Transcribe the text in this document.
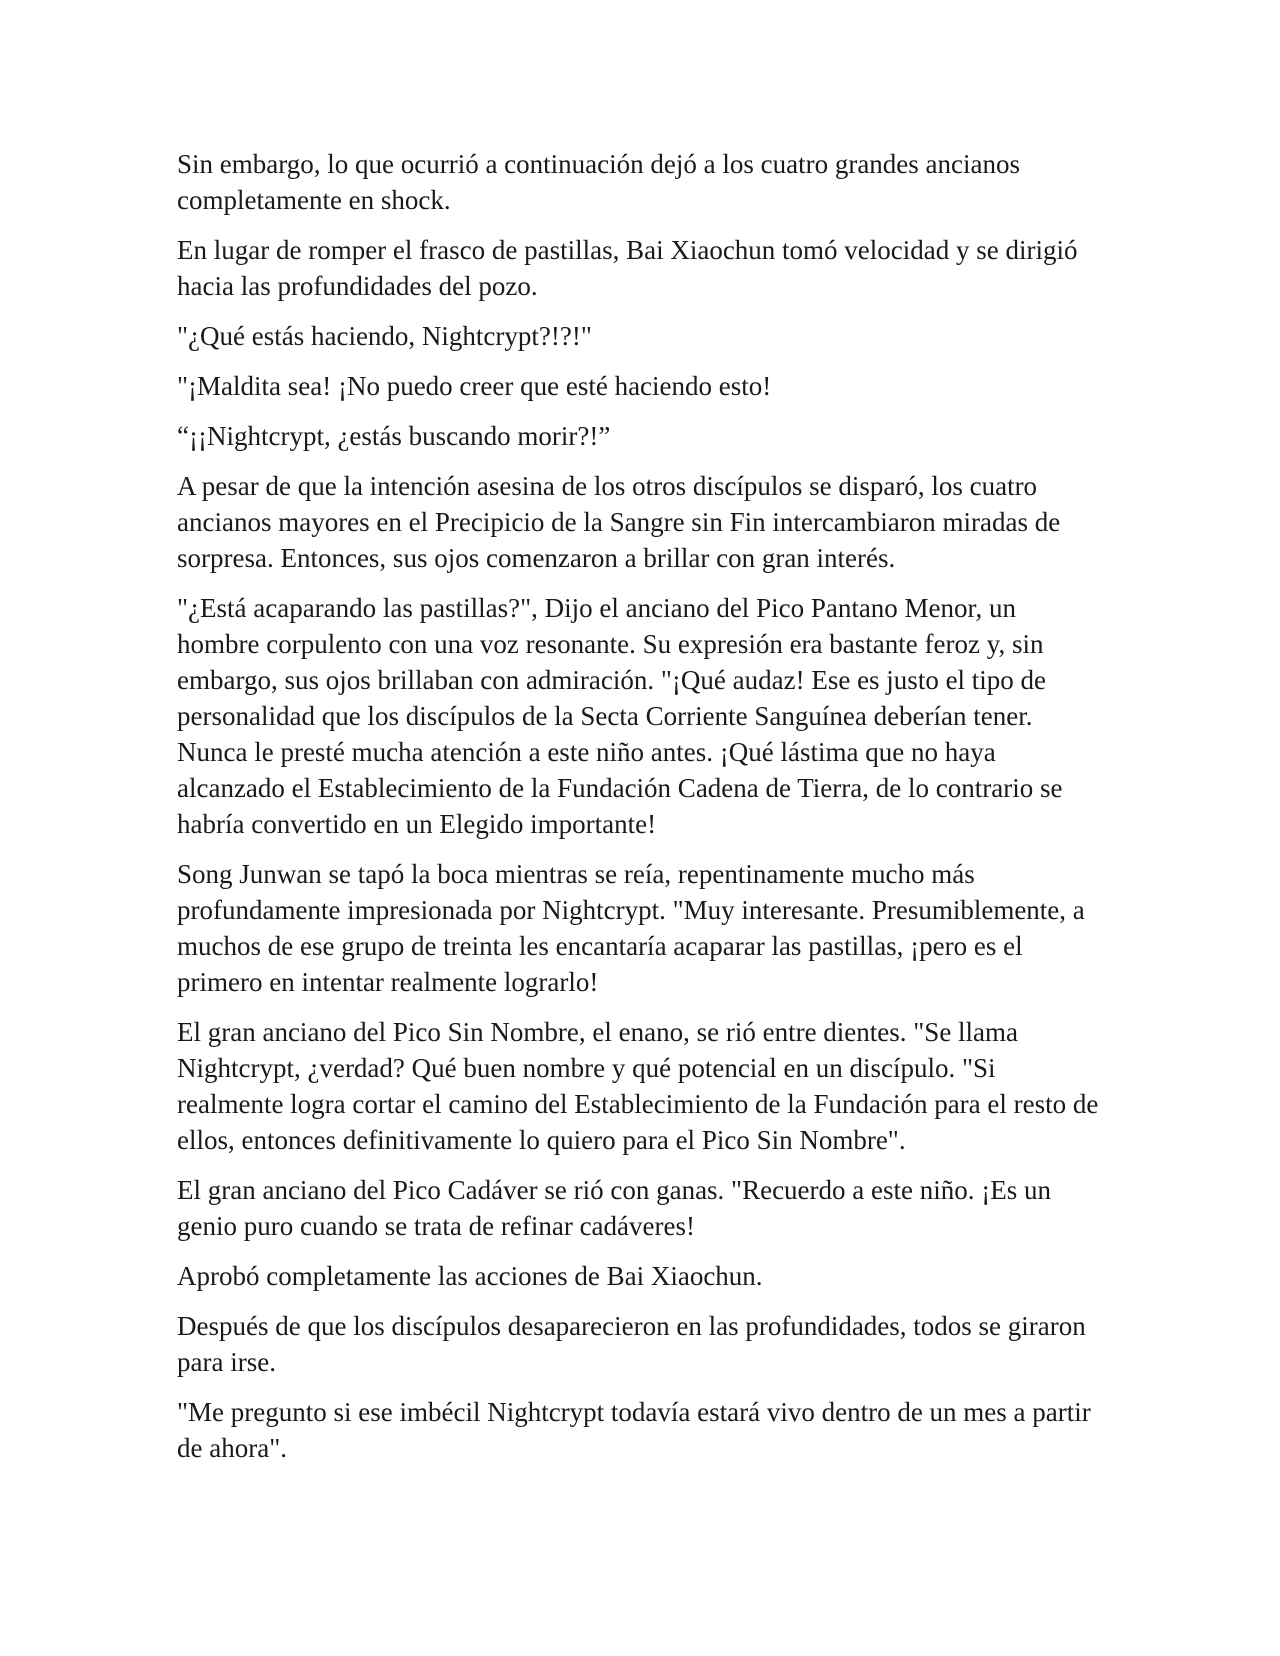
Sin embargo, lo que ocurrió a continuación dejó a los cuatro grandes ancianos completamente en shock.

En lugar de romper el frasco de pastillas, Bai Xiaochun tomó velocidad y se dirigió hacia las profundidades del pozo.

"¿Qué estás haciendo, Nightcrypt?!?!"

"¡Maldita sea! ¡No puedo creer que esté haciendo esto!

“¡¡Nightcrypt, ¿estás buscando morir?!”

A pesar de que la intención asesina de los otros discípulos se disparó, los cuatro ancianos mayores en el Precipicio de la Sangre sin Fin intercambiaron miradas de sorpresa. Entonces, sus ojos comenzaron a brillar con gran interés.

"¿Está acaparando las pastillas?", Dijo el anciano del Pico Pantano Menor, un hombre corpulento con una voz resonante. Su expresión era bastante feroz y, sin embargo, sus ojos brillaban con admiración. "¡Qué audaz! Ese es justo el tipo de personalidad que los discípulos de la Secta Corriente Sanguínea deberían tener. Nunca le presté mucha atención a este niño antes. ¡Qué lástima que no haya alcanzado el Establecimiento de la Fundación Cadena de Tierra, de lo contrario se habría convertido en un Elegido importante!

Song Junwan se tapó la boca mientras se reía, repentinamente mucho más profundamente impresionada por Nightcrypt. "Muy interesante. Presumiblemente, a muchos de ese grupo de treinta les encantaría acaparar las pastillas, ¡pero es el primero en intentar realmente lograrlo!

El gran anciano del Pico Sin Nombre, el enano, se rió entre dientes. "Se llama Nightcrypt, ¿verdad? Qué buen nombre y qué potencial en un discípulo. "Si realmente logra cortar el camino del Establecimiento de la Fundación para el resto de ellos, entonces definitivamente lo quiero para el Pico Sin Nombre".

El gran anciano del Pico Cadáver se rió con ganas. "Recuerdo a este niño. ¡Es un genio puro cuando se trata de refinar cadáveres!

Aprobó completamente las acciones de Bai Xiaochun.

Después de que los discípulos desaparecieron en las profundidades, todos se giraron para irse.

"Me pregunto si ese imbécil Nightcrypt todavía estará vivo dentro de un mes a partir de ahora".
